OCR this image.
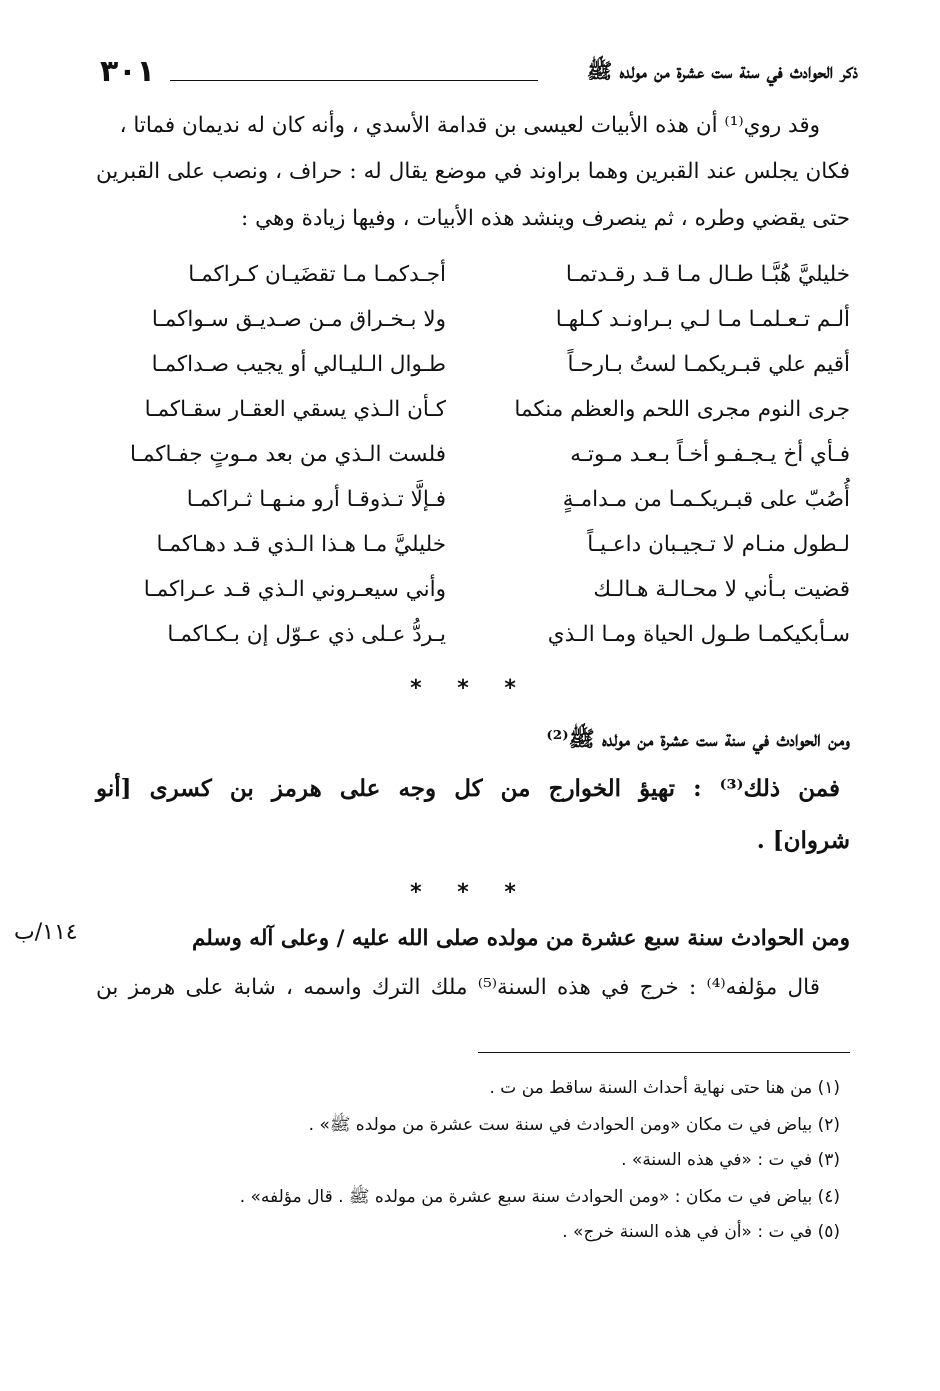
ذكر الحوادث في سنة ست عشرة من مولده ﷺ
٣٠١
وقد روي⁽¹⁾ أن هذه الأبيات لعيسى بن قدامة الأسدي ، وأنه كان له نديمان فماتا ،
فكان يجلس عند القبرين وهما براوند في موضع يقال له : حراف ، ونصب على القبرين
حتى يقضي وطره ، ثم ينصرف وينشد هذه الأبيات ، وفيها زيادة وهي :
خليليَّ هُبَّـا طـال مـا قـد رقـدتمـا
أجـدكمـا مـا تقضَيـان كـراكمـا
ألـم تـعـلمـا مـا لـي بـراونـد كـلهـا
ولا بـخـراق مـن صـديـق سـواكمـا
أقيم علي قبـريكمـا لستُ بـارحـاً
طـوال الـليـالي أو يجيب صـداكمـا
جرى النوم مجرى اللحم والعظم منكما
كـأن الـذي يسقي العقـار سقـاكمـا
فـأي أخ يـجـفـو أخـاً بـعـد مـوتـه
فلست الـذي من بعد مـوتٍ جفـاكمـا
أُصُبّ على قبـريكـمـا من مـدامـةٍ
فـإلَّا تـذوقـا أرو منـهـا ثـراكمـا
لـطول منـام لا تـجيـبان داعـيـاً
خليليَّ مـا هـذا الـذي قـد دهـاكمـا
قضيت بـأني لا محـالـة هـالـك
وأني سيعـروني الـذي قـد عـراكمـا
سـأبكيكمـا طـول الحياة ومـا الـذي
يـردُّ عـلى ذي عـوّل إن بـكـاكمـا
* * *
ومن الحوادث في سنة ست عشرة من مولده ﷺ⁽²⁾
فمن ذلك⁽³⁾ : تهيؤ الخوارج من كل وجه على هرمز بن كسرى [أنو
شروان] .
* * *
ومن الحوادث سنة سبع عشرة من مولده صلى الله عليه / وعلى آله وسلم
١١٤/ب
قال مؤلفه⁽⁴⁾ : خرج في هذه السنة⁽⁵⁾ ملك الترك واسمه ، شابة على هرمز بن
(١) من هنا حتى نهاية أحداث السنة ساقط من ت .
(٢) بياض في ت مكان «ومن الحوادث في سنة ست عشرة من مولده ﷺ» .
(٣) في ت : «في هذه السنة» .
(٤) بياض في ت مكان : «ومن الحوادث سنة سبع عشرة من مولده ﷺ . قال مؤلفه» .
(٥) في ت : «أن في هذه السنة خرج» .
